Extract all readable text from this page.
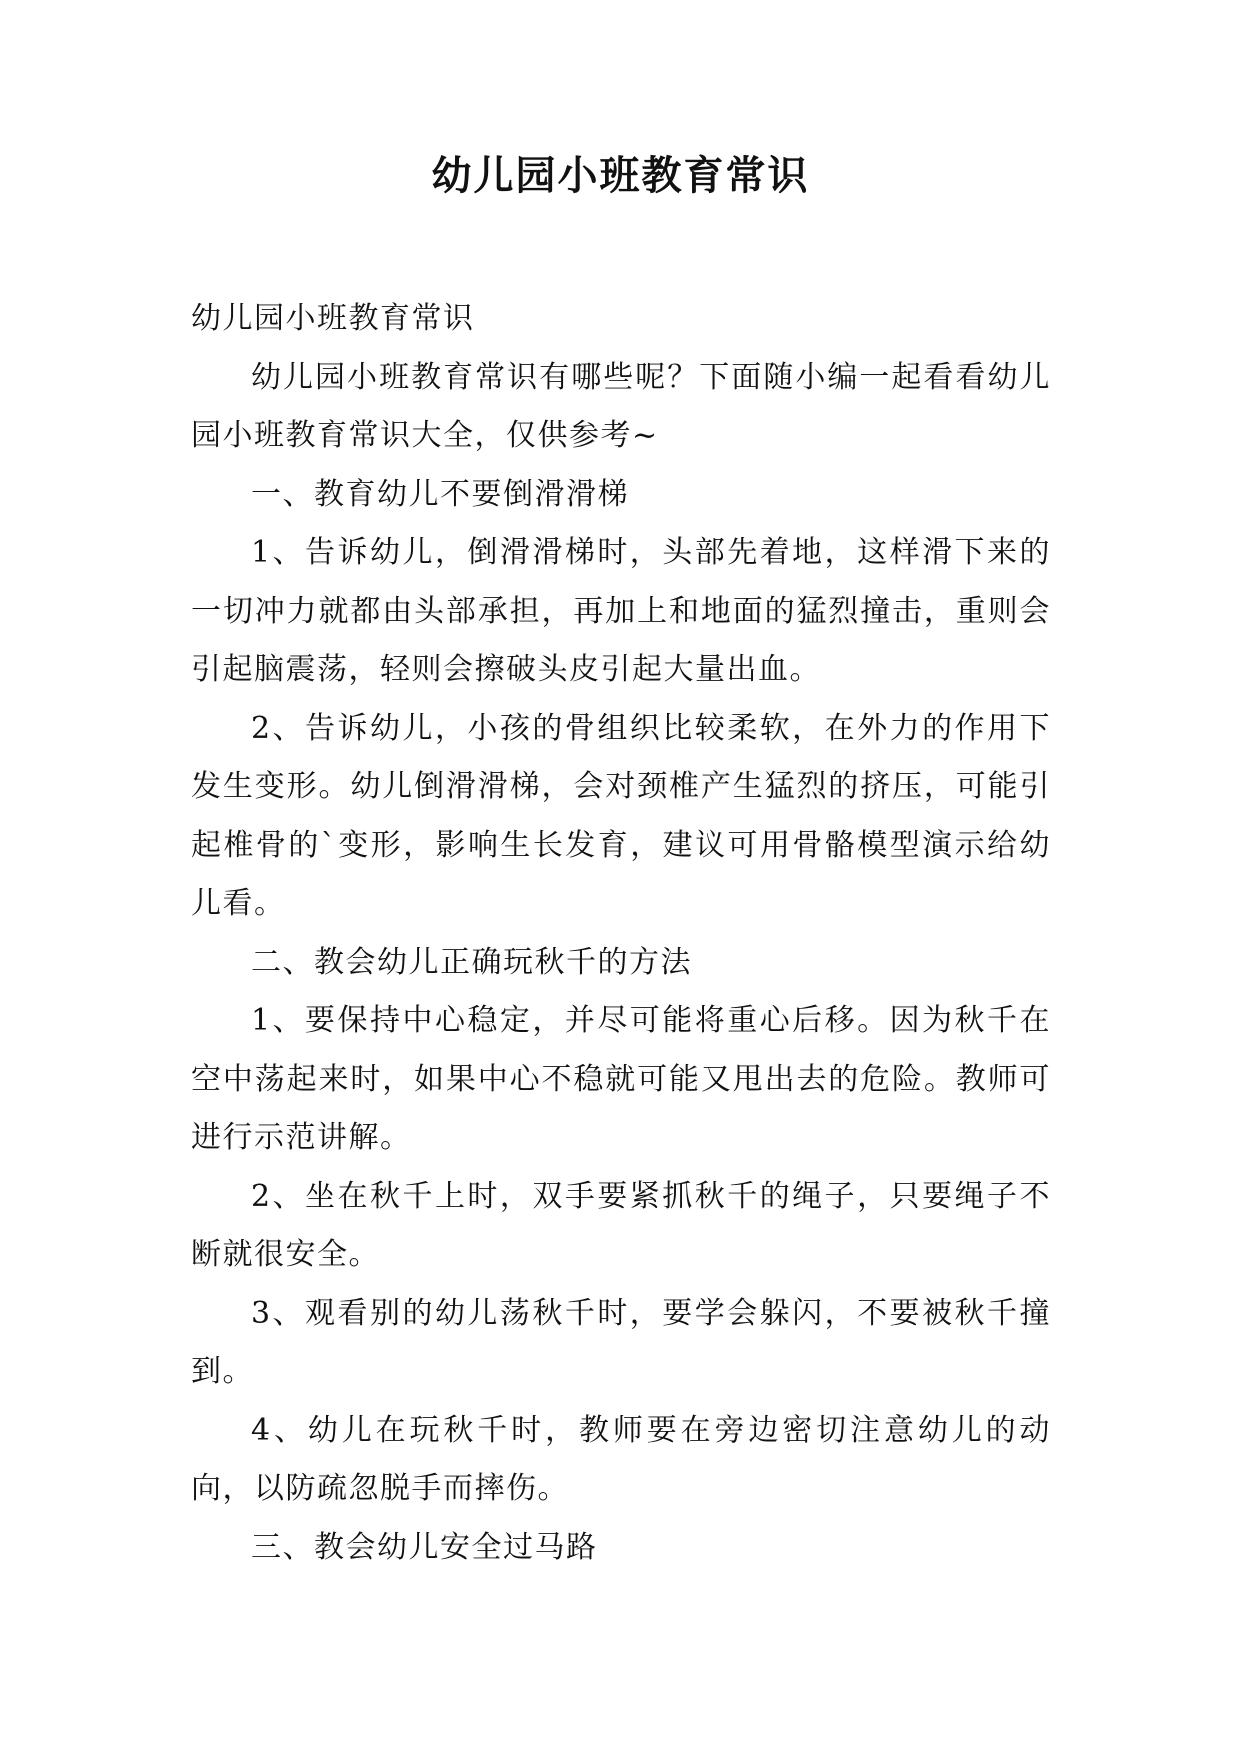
幼儿园小班教育常识

幼儿园小班教育常识

幼儿园小班教育常识有哪些呢？下面随小编一起看看幼儿园小班教育常识大全，仅供参考~

一、教育幼儿不要倒滑滑梯

1、告诉幼儿，倒滑滑梯时，头部先着地，这样滑下来的一切冲力就都由头部承担，再加上和地面的猛烈撞击，重则会引起脑震荡，轻则会擦破头皮引起大量出血。

2、告诉幼儿，小孩的骨组织比较柔软，在外力的作用下发生变形。幼儿倒滑滑梯，会对颈椎产生猛烈的挤压，可能引起椎骨的`变形，影响生长发育，建议可用骨骼模型演示给幼儿看。

二、教会幼儿正确玩秋千的方法

1、要保持中心稳定，并尽可能将重心后移。因为秋千在空中荡起来时，如果中心不稳就可能又甩出去的危险。教师可进行示范讲解。

2、坐在秋千上时，双手要紧抓秋千的绳子，只要绳子不断就很安全。

3、观看别的幼儿荡秋千时，要学会躲闪，不要被秋千撞到。

4、幼儿在玩秋千时，教师要在旁边密切注意幼儿的动向，以防疏忽脱手而摔伤。

三、教会幼儿安全过马路
